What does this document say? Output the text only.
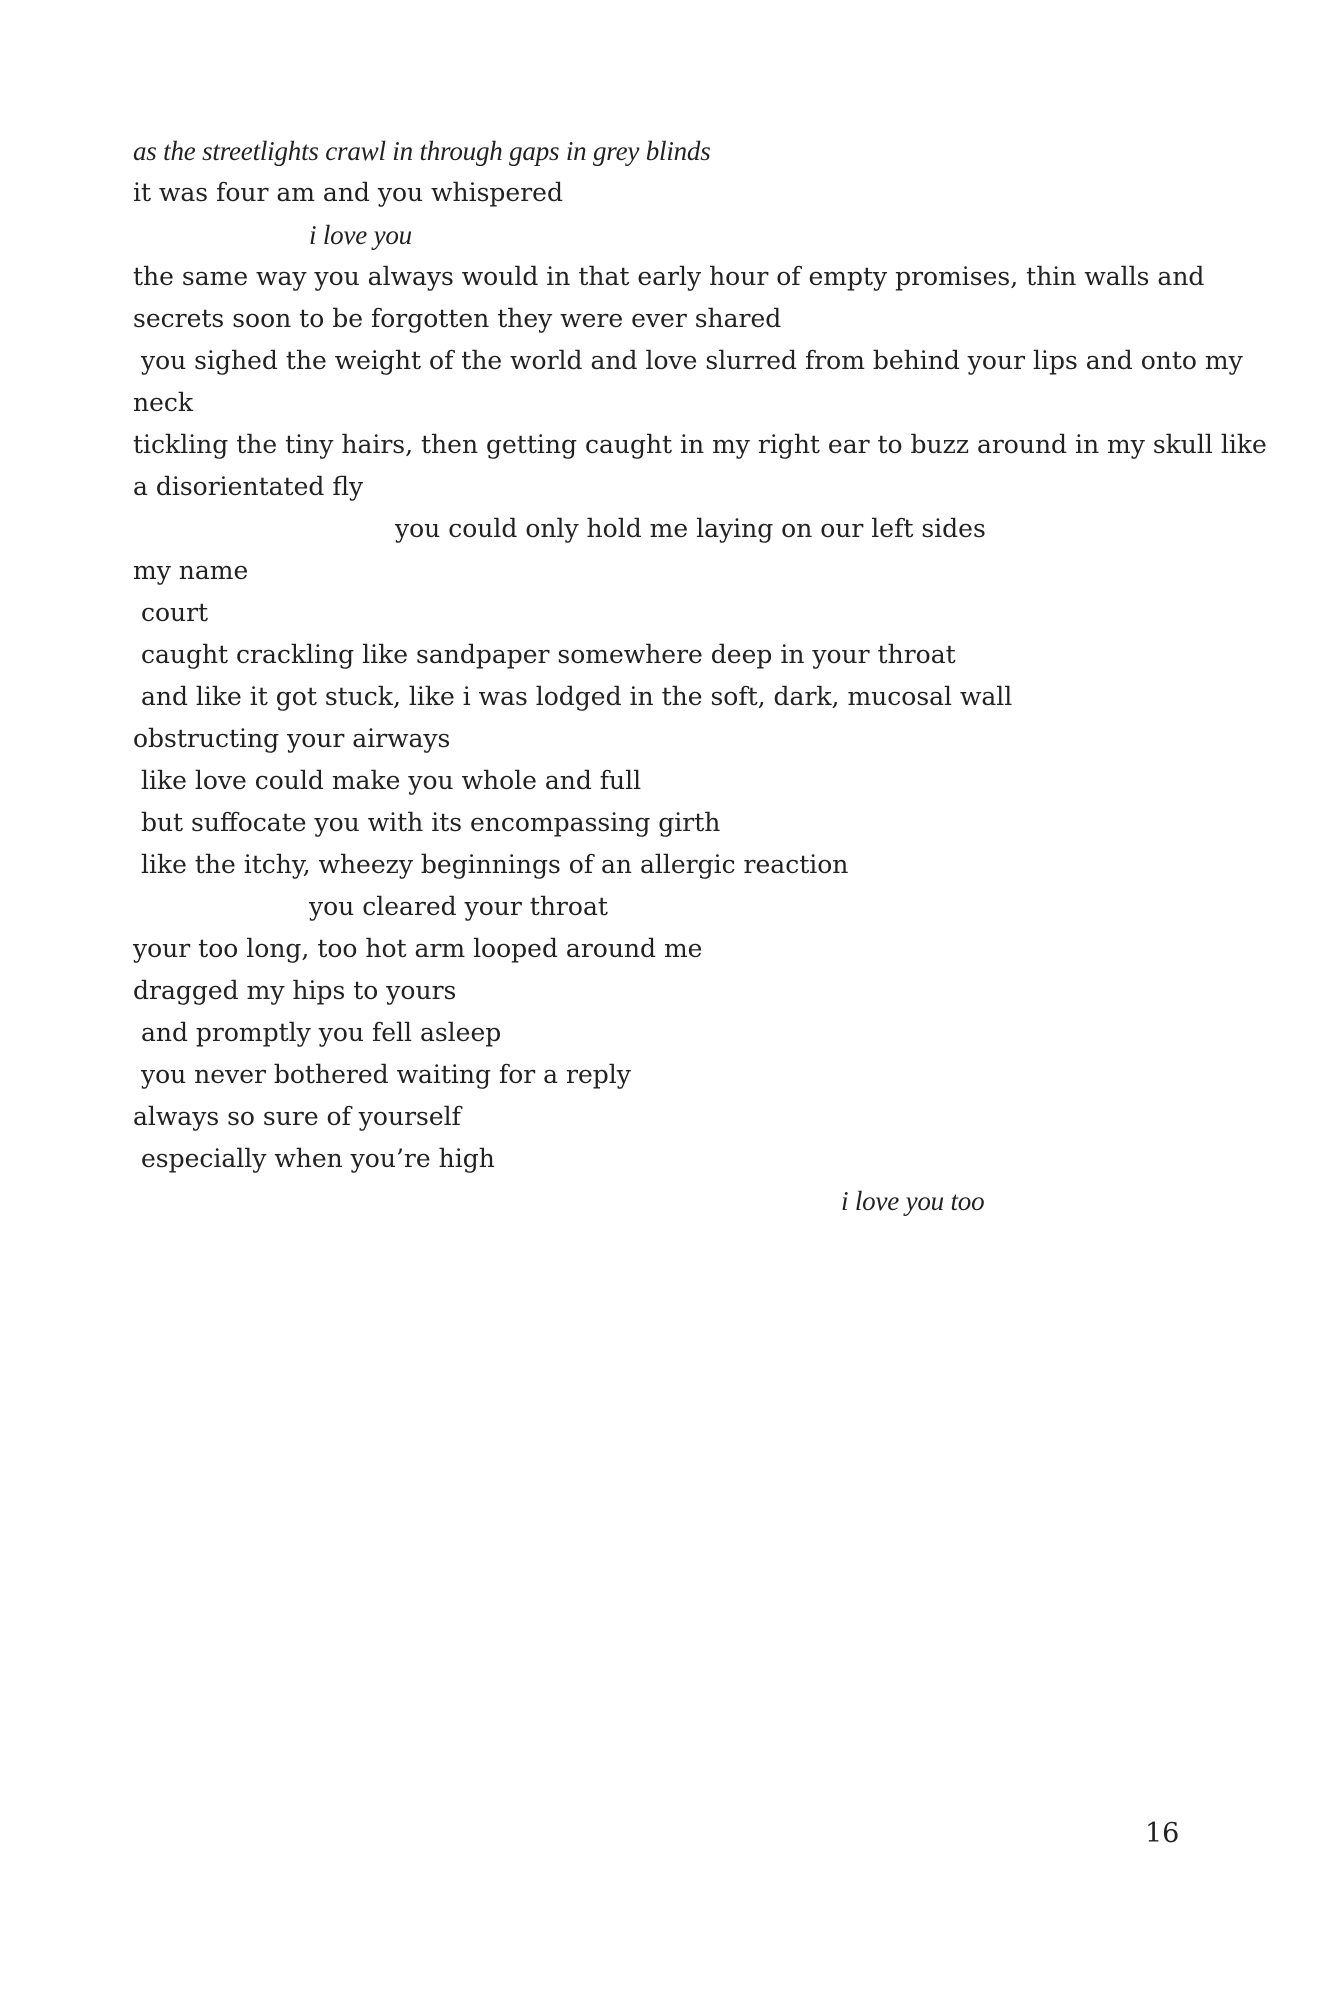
as the streetlights crawl in through gaps in grey blinds
it was four am and you whispered
i love you
the same way you always would in that early hour of empty promises, thin walls and
secrets soon to be forgotten they were ever shared
you sighed the weight of the world and love slurred from behind your lips and onto my
neck
tickling the tiny hairs, then getting caught in my right ear to buzz around in my skull like
a disorientated fly
you could only hold me laying on our left sides
my name
court
caught crackling like sandpaper somewhere deep in your throat
and like it got stuck, like i was lodged in the soft, dark, mucosal wall
obstructing your airways
like love could make you whole and full
but suffocate you with its encompassing girth
like the itchy, wheezy beginnings of an allergic reaction
you cleared your throat
your too long, too hot arm looped around me
dragged my hips to yours
and promptly you fell asleep
you never bothered waiting for a reply
always so sure of yourself
especially when you’re high
i love you too
16
